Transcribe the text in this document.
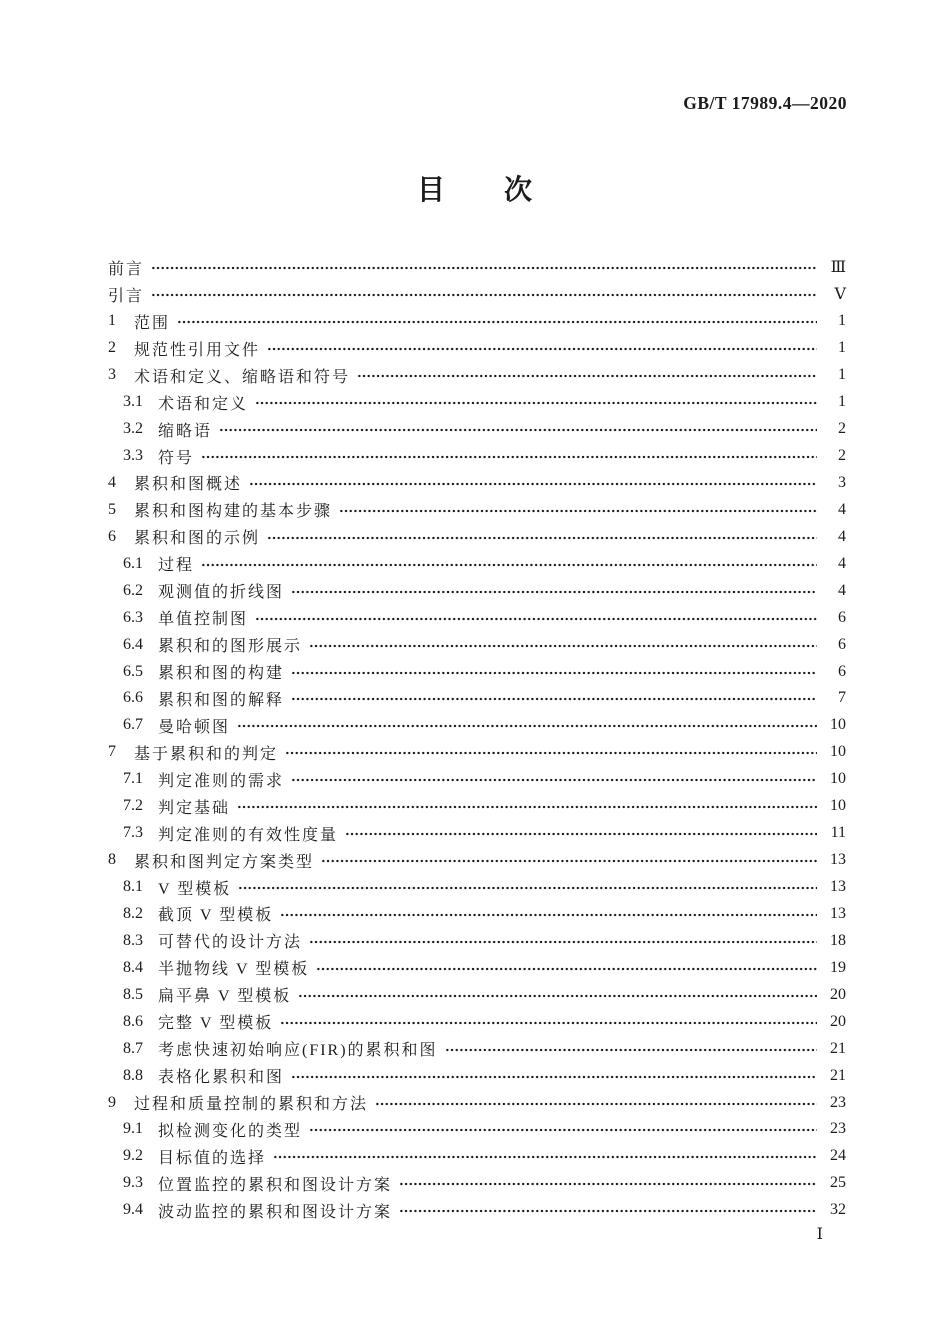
GB/T 17989.4—2020
目　　次
前言	Ⅲ
引言	Ⅴ
1	范围	1
2	规范性引用文件	1
3	术语和定义、缩略语和符号	1
3.1 术语和定义	1
3.2 缩略语	2
3.3 符号	2
4	累积和图概述	3
5	累积和图构建的基本步骤	4
6	累积和图的示例	4
6.1 过程	4
6.2 观测值的折线图	4
6.3 单值控制图	6
6.4 累积和的图形展示	6
6.5 累积和图的构建	6
6.6 累积和图的解释	7
6.7 曼哈顿图	10
7	基于累积和的判定	10
7.1 判定准则的需求	10
7.2 判定基础	10
7.3 判定准则的有效性度量	11
8	累积和图判定方案类型	13
8.1 V 型模板	13
8.2 截顶 V 型模板	13
8.3 可替代的设计方法	18
8.4 半抛物线 V 型模板	19
8.5 扁平鼻 V 型模板	20
8.6 完整 V 型模板	20
8.7 考虑快速初始响应(FIR)的累积和图	21
8.8 表格化累积和图	21
9	过程和质量控制的累积和方法	23
9.1 拟检测变化的类型	23
9.2 目标值的选择	24
9.3 位置监控的累积和图设计方案	25
9.4 波动监控的累积和图设计方案	32
Ⅰ
